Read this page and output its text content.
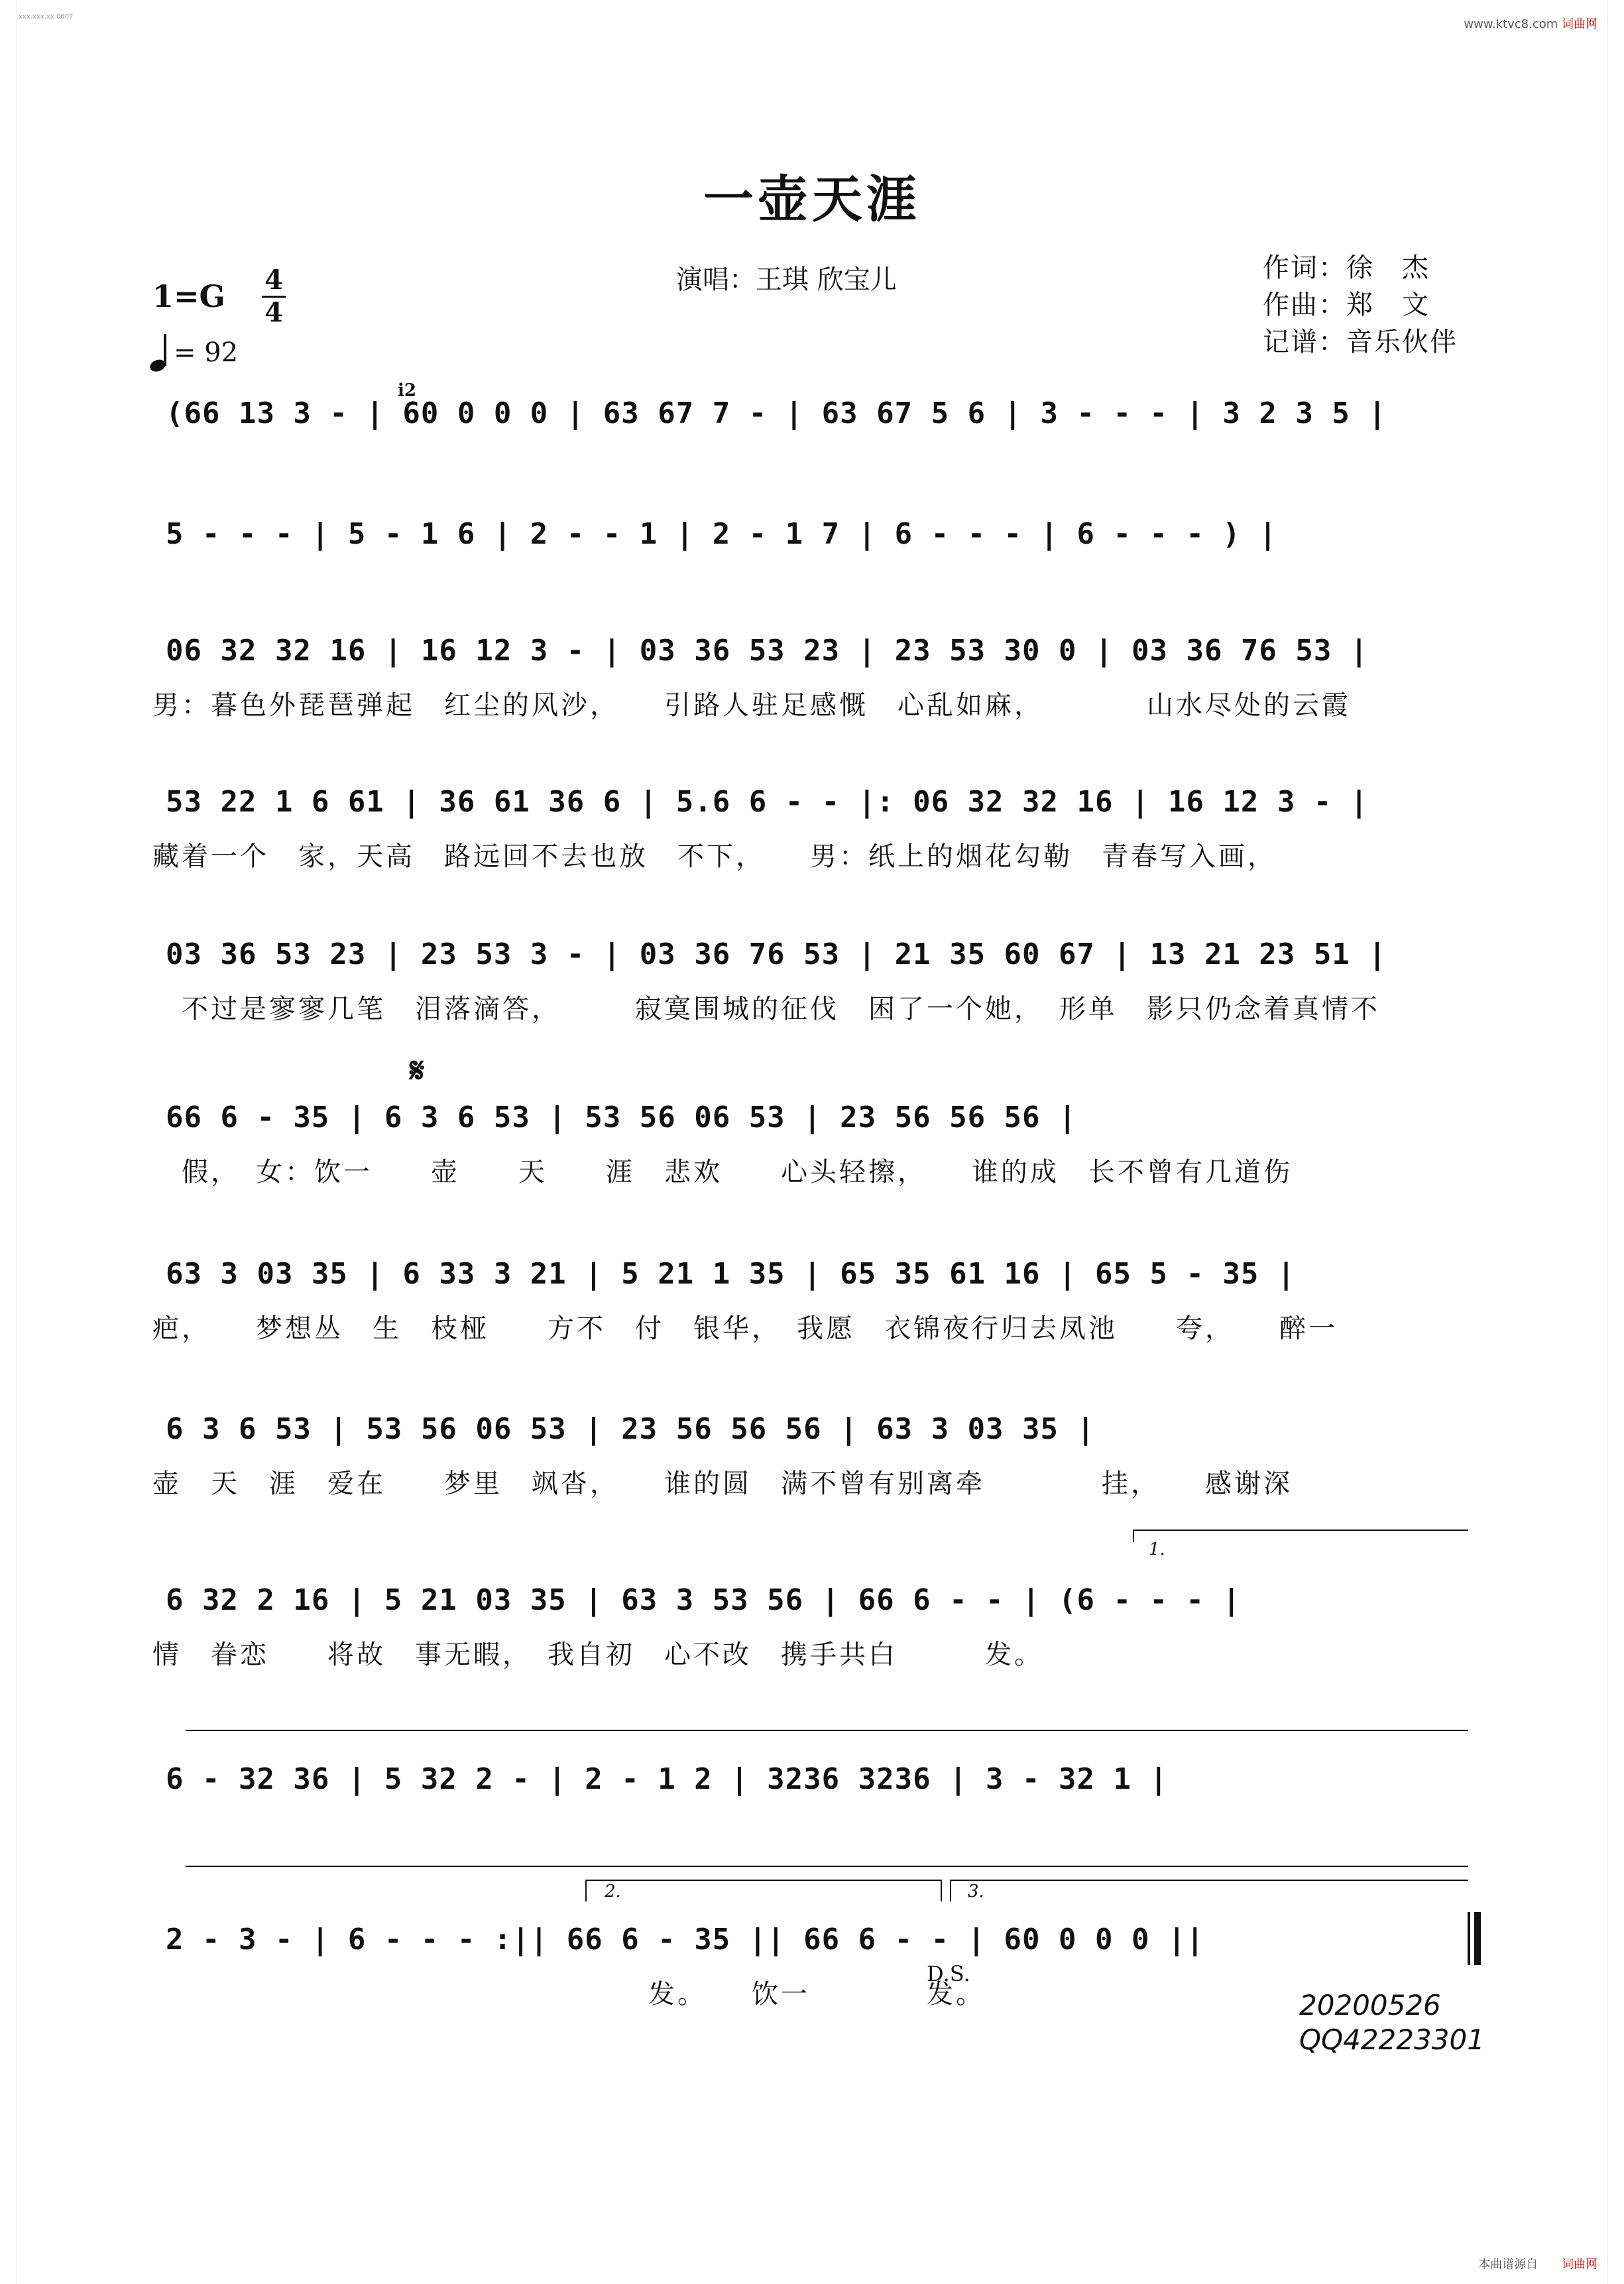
xxx.xxx.xx 0607
www.ktvc8.com 词曲网
一壶天涯
演唱：王琪 欣宝儿	作词：徐　杰
作曲：郑　文
记谱：音乐伙伴
1=G 4
4
= 92
(66 13 3 - | 60 0 0 0 | 63 67 7 - | 63 67 5 6 | 3 - - - | 3 2 3 5 |
5 - - - | 5 - 1 6 | 2 - - 1 | 2 - 1 7 | 6 - - - | 6 - - - ) |
06 32 32 16 | 16 12 3 - | 03 36 53 23 | 23 53 30 0 | 03 36 76 53 |
男：暮色外琵琶弹起　红尘的风沙，　　引路人驻足感慨　心乱如麻，　　　　山水尽处的云霞
53 22 1 6 61 | 36 61 36 6 | 5.6 6 - - |: 06 32 32 16 | 16 12 3 - |
藏着一个　家，天高　路远回不去也放　不下，　　男：纸上的烟花勾勒　青春写入画，
03 36 53 23 | 23 53 3 - | 03 36 76 53 | 21 35 60 67 | 13 21 23 51 |
　不过是寥寥几笔　泪落滴答，　　　寂寞围城的征伐　困了一个她，　形单　影只仍念着真情不
66 6 - 35 | 6 3 6 53 | 53 56 06 53 | 23 56 56 56 |
　假，　女：饮一　　壶　　天　　涯　悲欢　　心头轻擦，　　谁的成　长不曾有几道伤
63 3 03 35 | 6 33 3 21 | 5 21 1 35 | 65 35 61 16 | 65 5 - 35 |
疤，　　梦想丛　生　枝桠　　方不　付　银华，　我愿　衣锦夜行归去凤池　　夸，　　醉一
6 3 6 53 | 53 56 06 53 | 23 56 56 56 | 63 3 03 35 |
壶　天　涯　爱在　　梦里　飒沓，　　谁的圆　满不曾有别离牵　　　　挂，　　感谢深
6 32 2 16 | 5 21 03 35 | 63 3 53 56 | 66 6 - - | (6 - - - |
情　眷恋　　将故　事无暇，　我自初　心不改　携手共白　　　发。
6 - 32 36 | 5 32 2 - | 2 - 1 2 | 3236 3236 | 3 - 32 1 |
2 - 3 - | 6 - - - :|| 66 6 - 35 || 66 6 - - | 60 0 0 0 ||
　　　　　　　　　　　　　　　　　发。　　饮一　　　　发。
1.
2.	3.
𝄋
D.S.
i2
20200526
QQ42223301
本曲谱源自 词曲网
